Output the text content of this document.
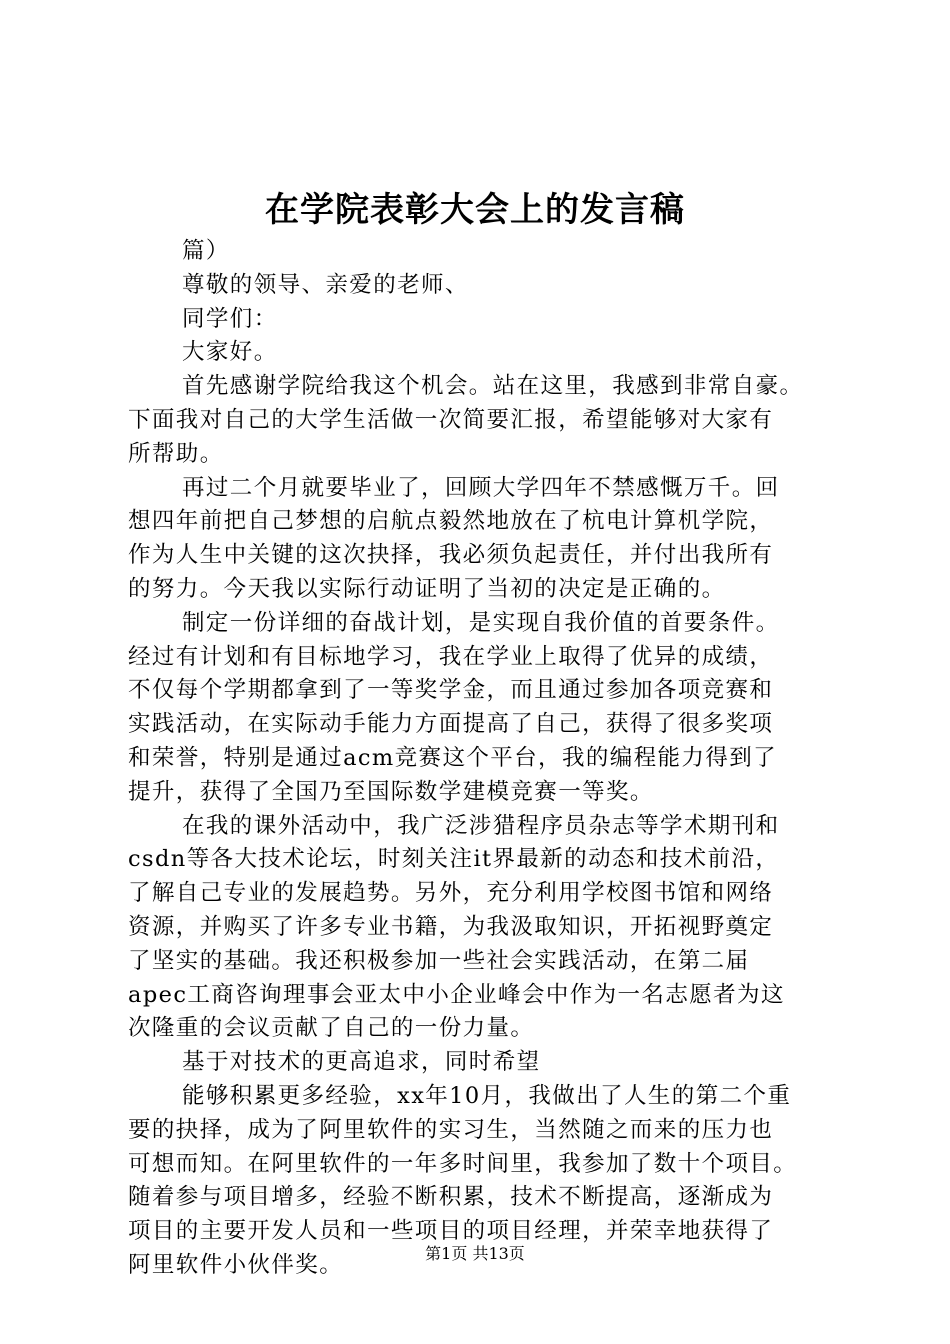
在学院表彰大会上的发言稿
篇）
尊敬的领导、亲爱的老师、
同学们：
大家好。
首先感谢学院给我这个机会。站在这里，我感到非常自豪。
下面我对自己的大学生活做一次简要汇报，希望能够对大家有
所帮助。
再过二个月就要毕业了，回顾大学四年不禁感慨万千。回
想四年前把自己梦想的启航点毅然地放在了杭电计算机学院，
作为人生中关键的这次抉择，我必须负起责任，并付出我所有
的努力。今天我以实际行动证明了当初的决定是正确的。
制定一份详细的奋战计划，是实现自我价值的首要条件。
经过有计划和有目标地学习，我在学业上取得了优异的成绩，
不仅每个学期都拿到了一等奖学金，而且通过参加各项竞赛和
实践活动，在实际动手能力方面提高了自己，获得了很多奖项
和荣誉，特别是通过acm竞赛这个平台，我的编程能力得到了
提升，获得了全国乃至国际数学建模竞赛一等奖。
在我的课外活动中，我广泛涉猎程序员杂志等学术期刊和
csdn等各大技术论坛，时刻关注it界最新的动态和技术前沿，
了解自己专业的发展趋势。另外，充分利用学校图书馆和网络
资源，并购买了许多专业书籍，为我汲取知识，开拓视野奠定
了坚实的基础。我还积极参加一些社会实践活动，在第二届
apec工商咨询理事会亚太中小企业峰会中作为一名志愿者为这
次隆重的会议贡献了自己的一份力量。
基于对技术的更高追求，同时希望
能够积累更多经验，xx年10月，我做出了人生的第二个重
要的抉择，成为了阿里软件的实习生，当然随之而来的压力也
可想而知。在阿里软件的一年多时间里，我参加了数十个项目。
随着参与项目增多，经验不断积累，技术不断提高，逐渐成为
项目的主要开发人员和一些项目的项目经理，并荣幸地获得了
阿里软件小伙伴奖。	第1页 共13页
